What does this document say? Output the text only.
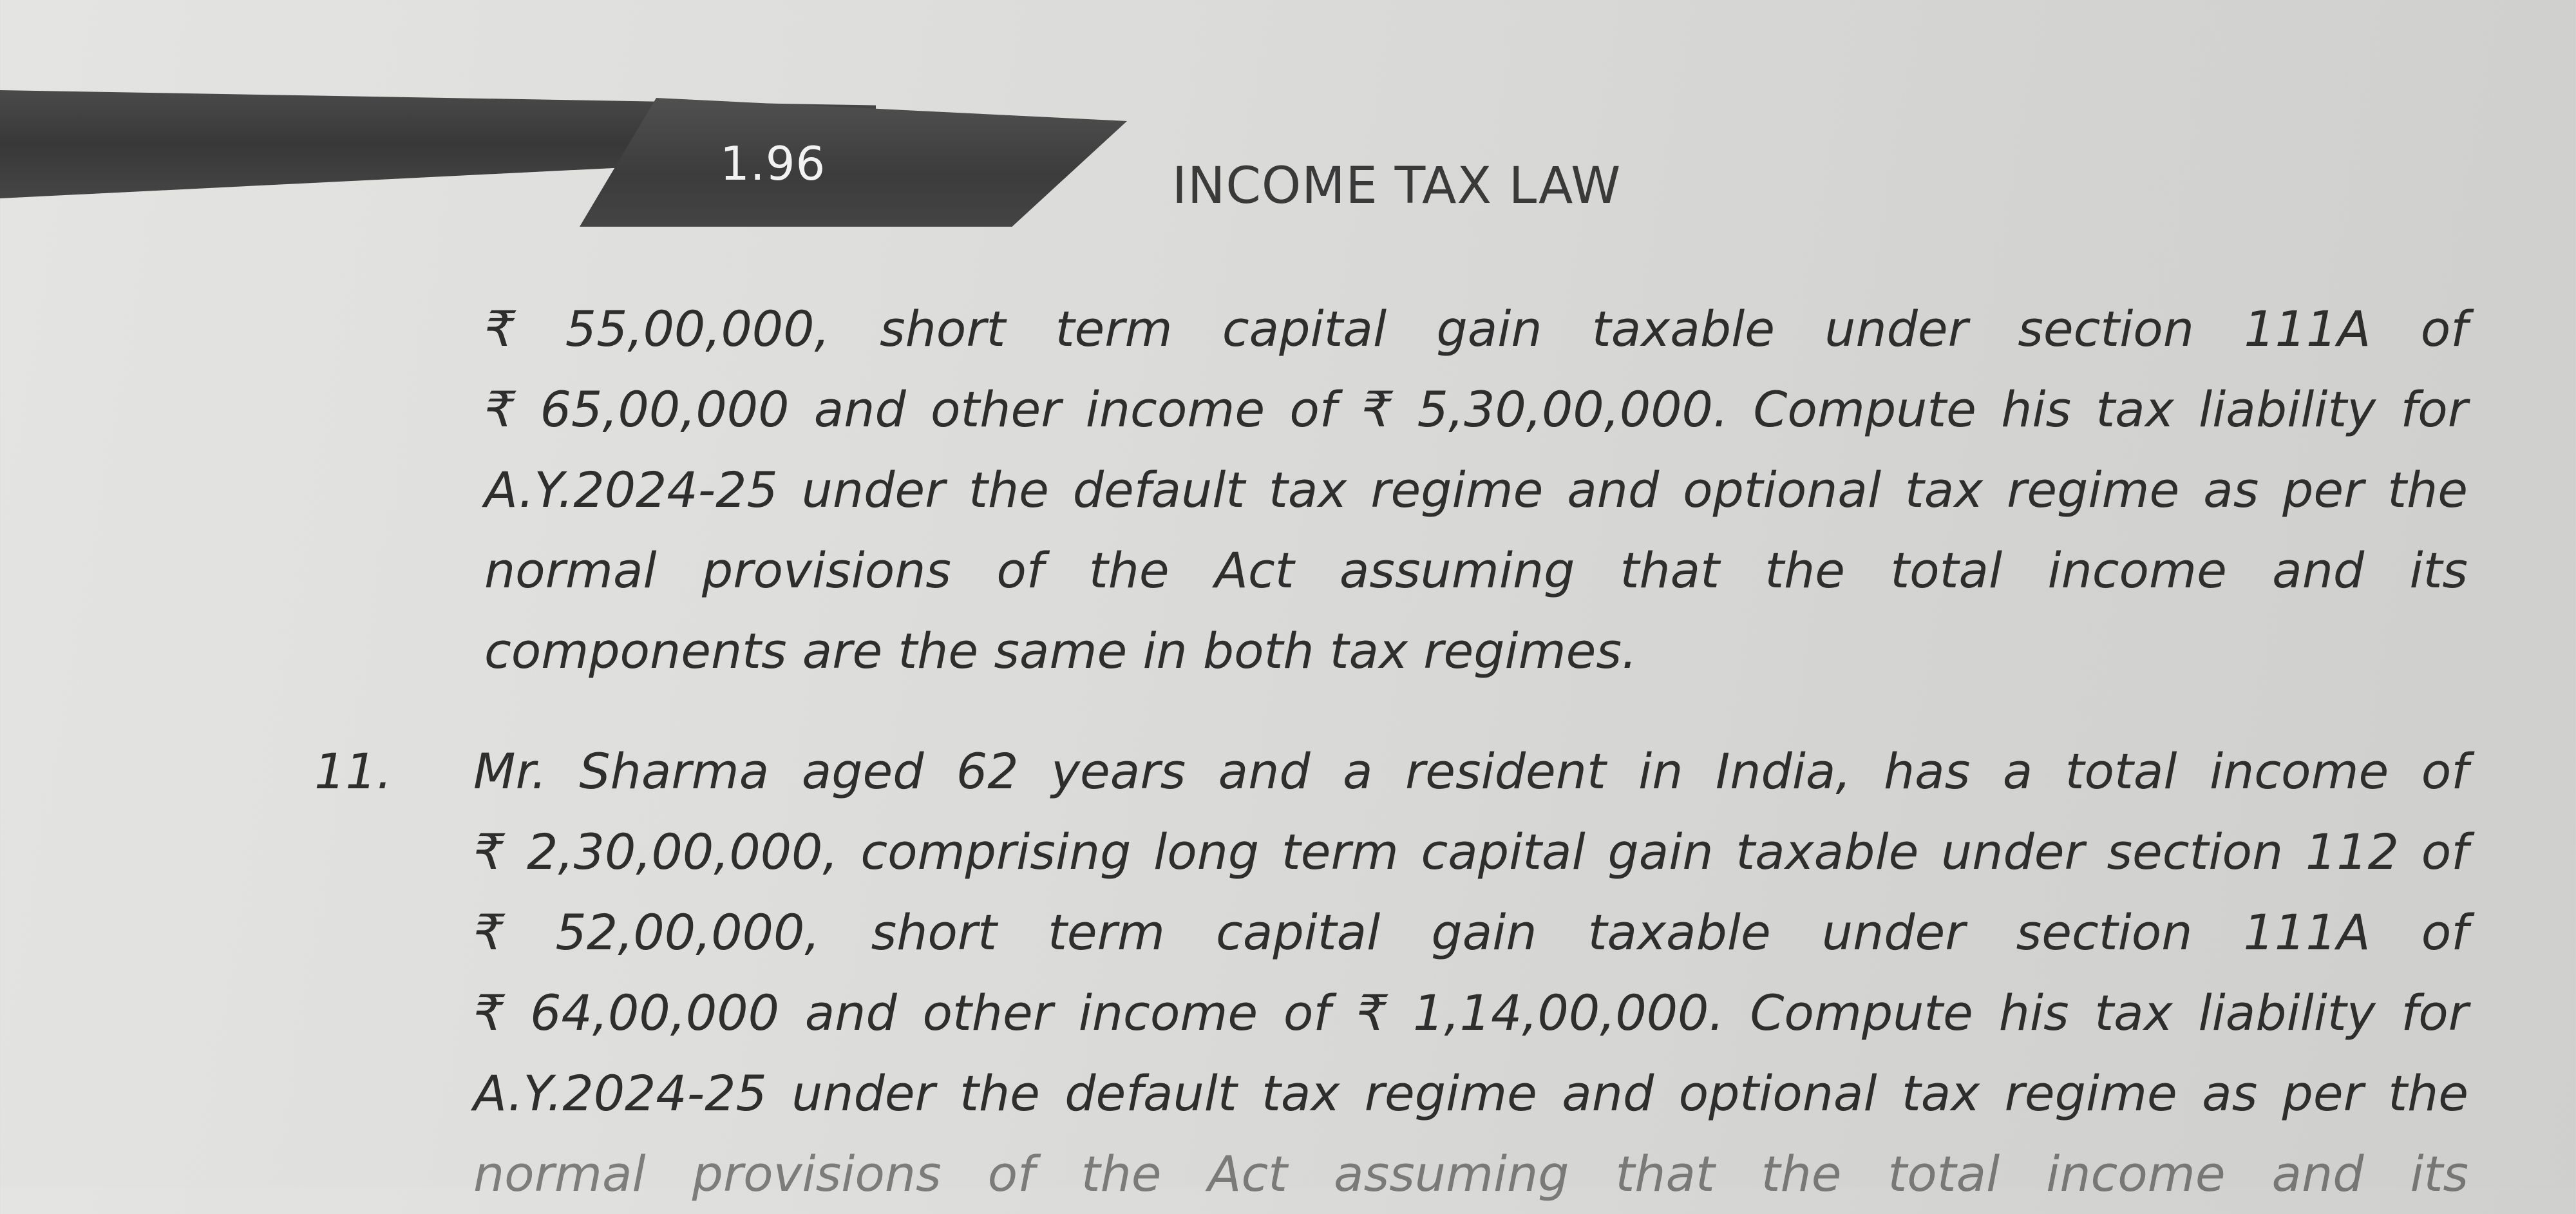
1.96	INCOME TAX LAW
₹ 55,00,000, short term capital gain taxable under section 111A of
₹ 65,00,000 and other income of ₹ 5,30,00,000. Compute his tax liability for
A.Y.2024-25 under the default tax regime and optional tax regime as per the
normal provisions of the Act assuming that the total income and its
components are the same in both tax regimes.
11. Mr. Sharma aged 62 years and a resident in India, has a total income of
₹ 2,30,00,000, comprising long term capital gain taxable under section 112 of
₹ 52,00,000, short term capital gain taxable under section 111A of
₹ 64,00,000 and other income of ₹ 1,14,00,000. Compute his tax liability for
A.Y.2024-25 under the default tax regime and optional tax regime as per the
normal provisions of the Act assuming that the total income and its
